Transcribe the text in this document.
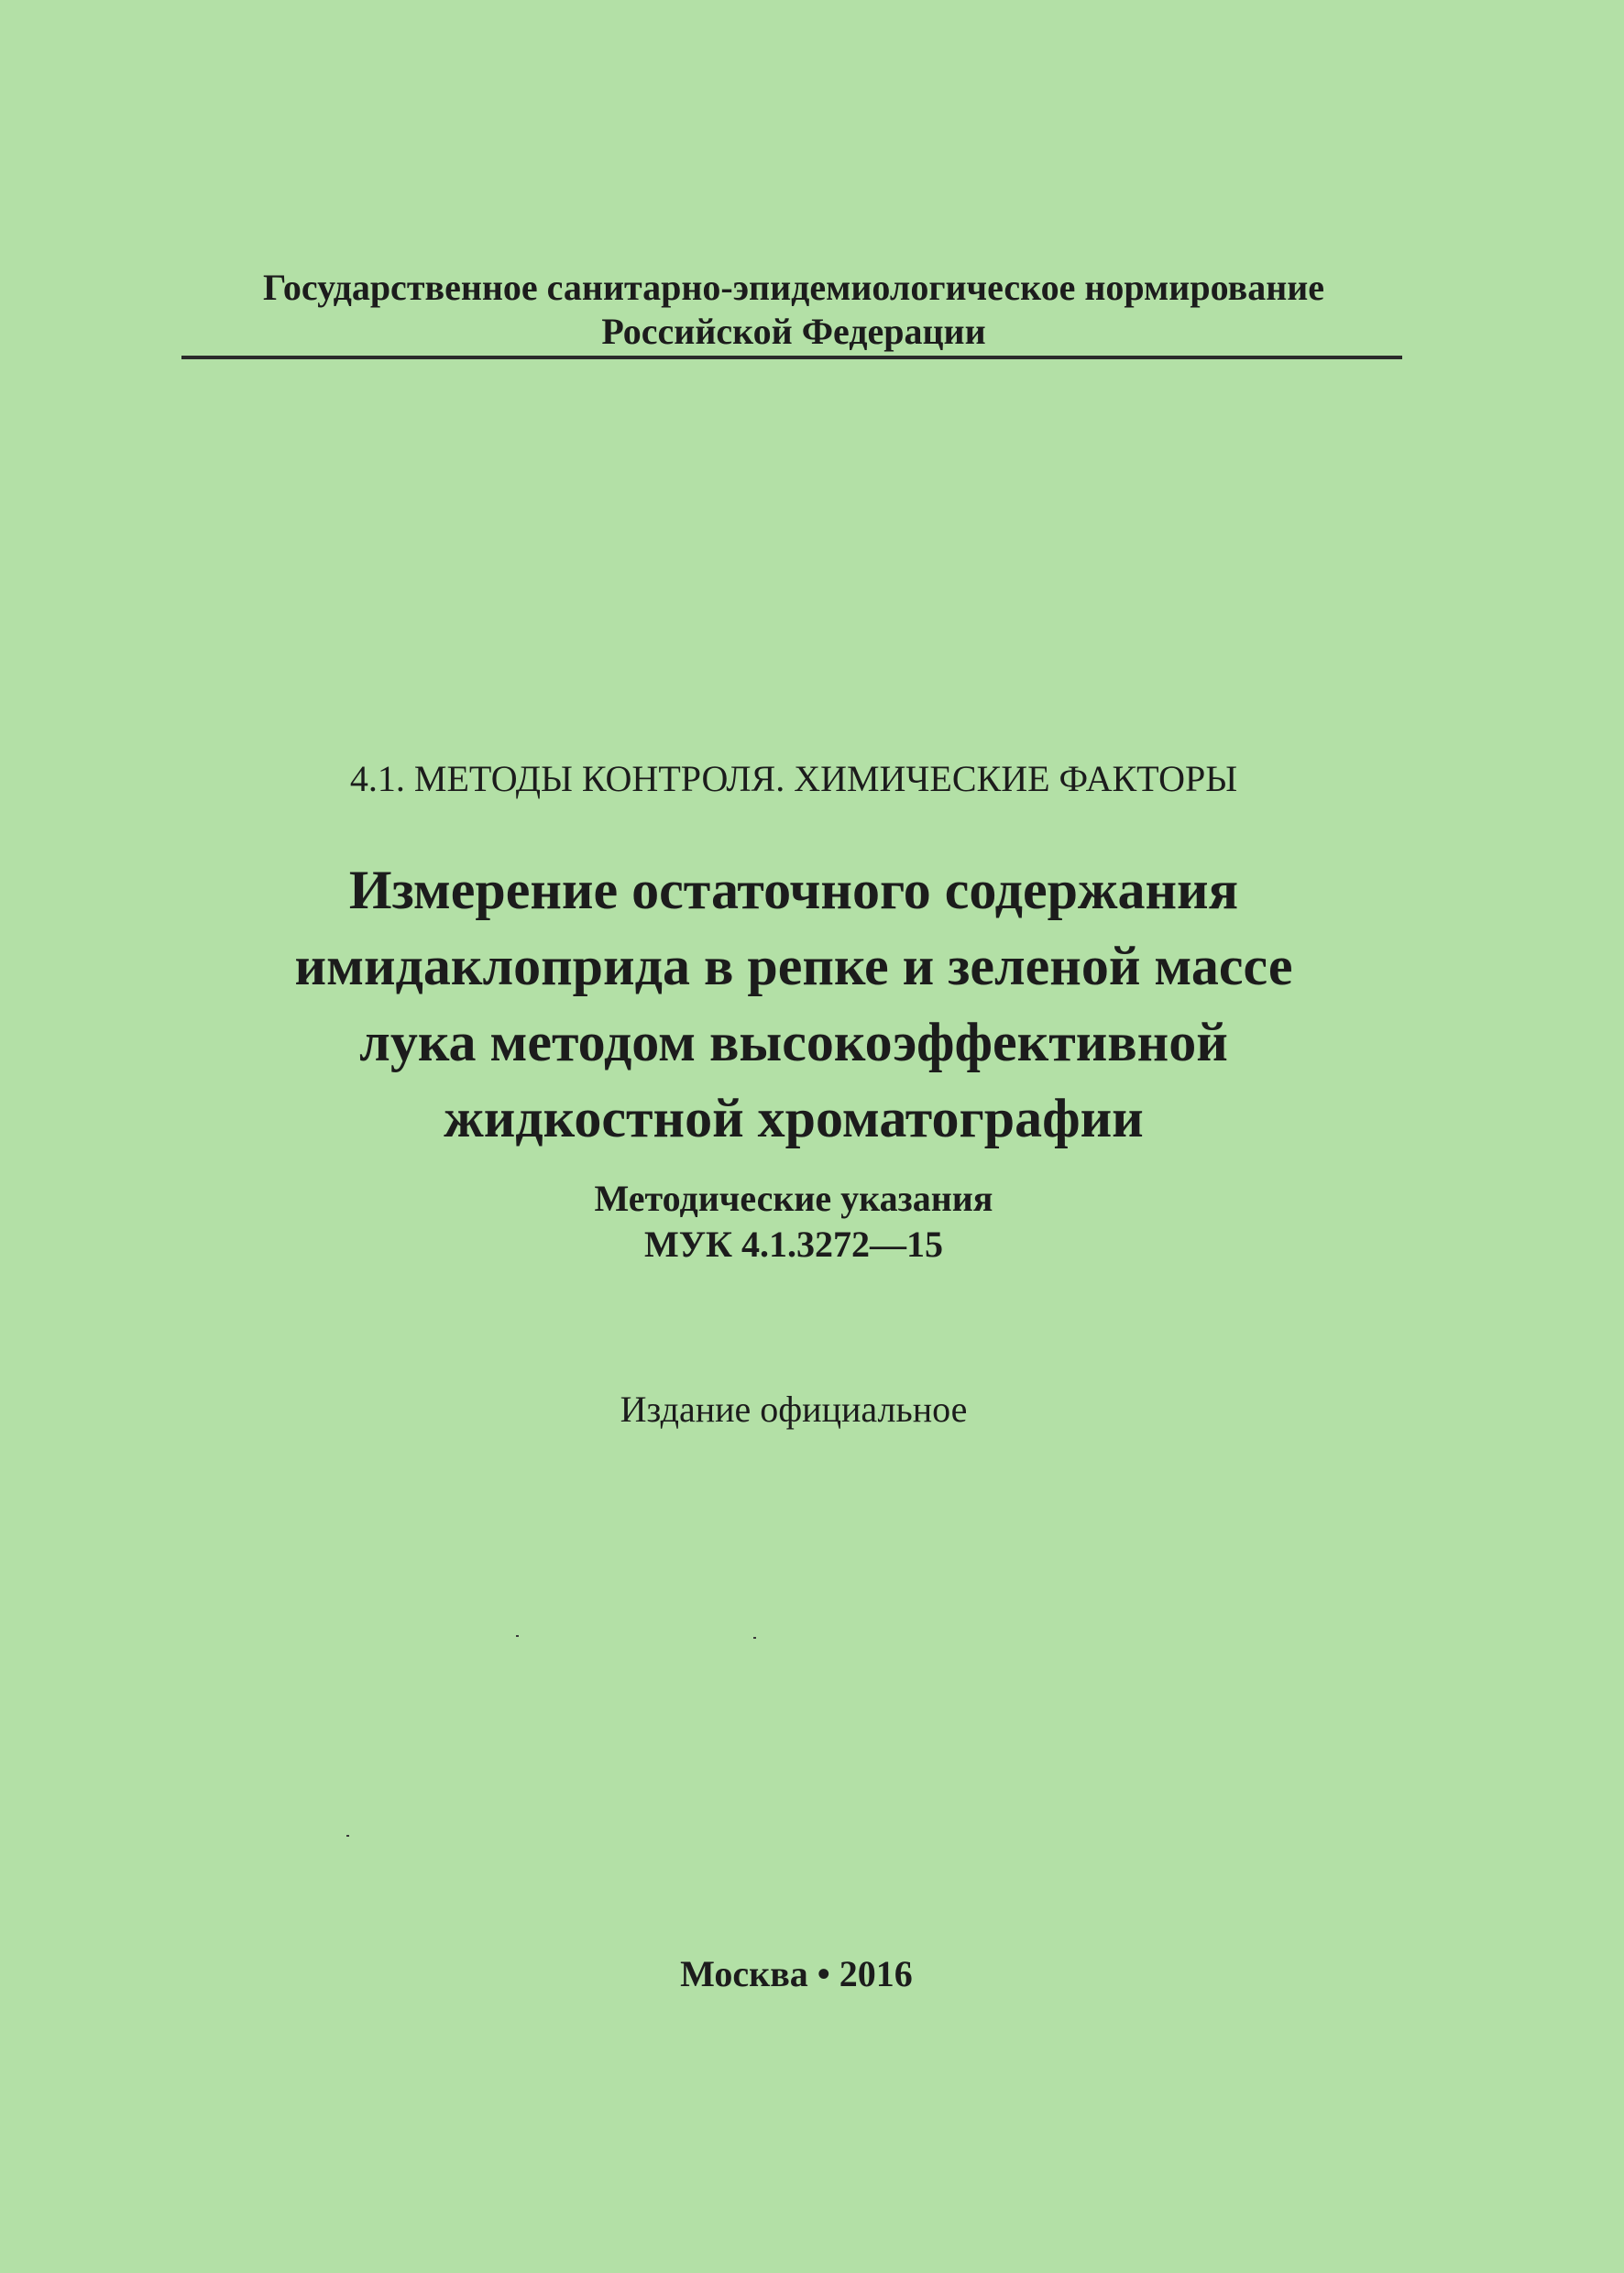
Государственное санитарно-эпидемиологическое нормирование
Российской Федерации
4.1. МЕТОДЫ КОНТРОЛЯ. ХИМИЧЕСКИЕ ФАКТОРЫ
Измерение остаточного содержания
имидаклоприда в репке и зеленой массе
лука методом высокоэффективной
жидкостной хроматографии
Методические указания
МУК 4.1.3272—15
Издание официальное
Москва • 2016
